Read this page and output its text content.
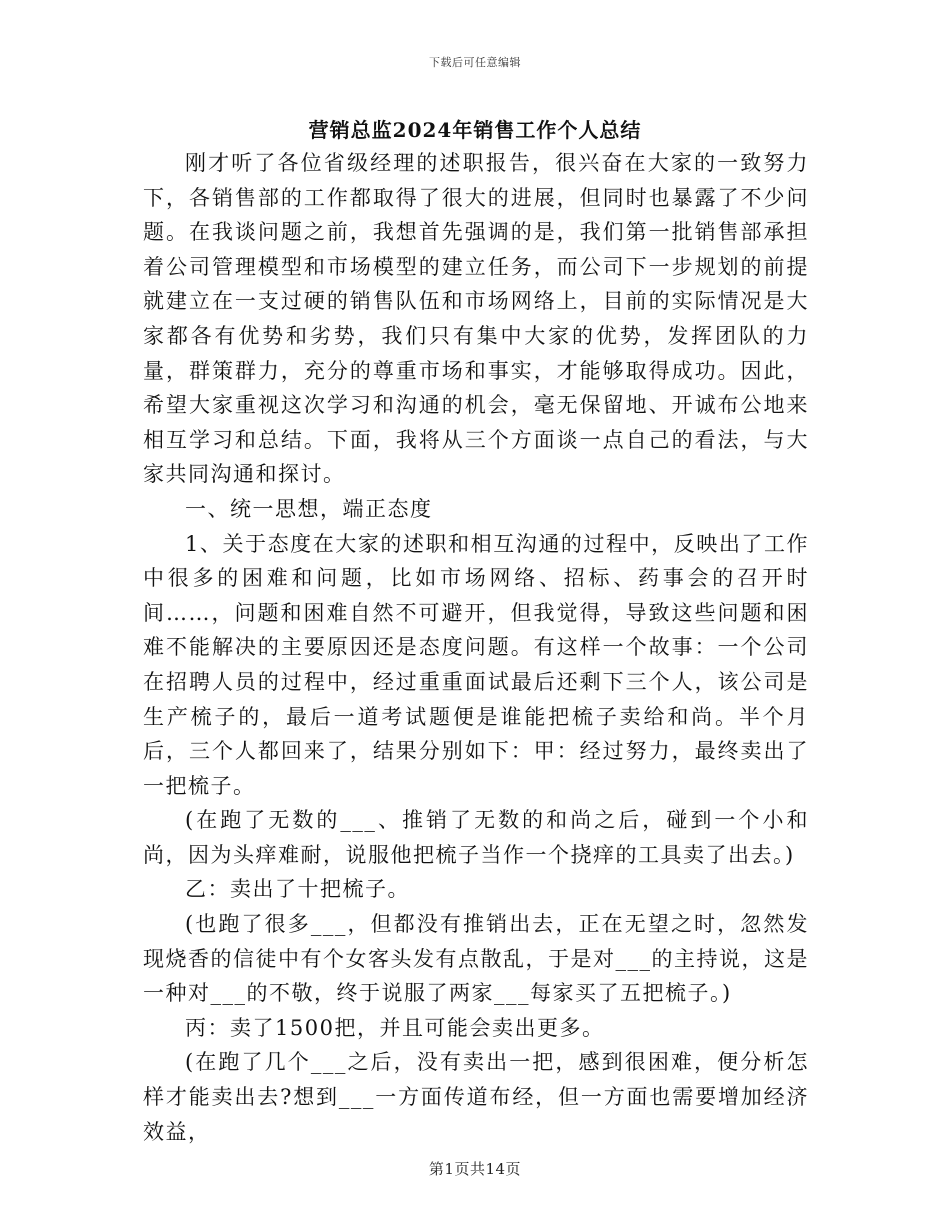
下载后可任意编辑
营销总监2024年销售工作个人总结

刚才听了各位省级经理的述职报告，很兴奋在大家的一致努力下，各销售部的工作都取得了很大的进展，但同时也暴露了不少问题。在我谈问题之前，我想首先强调的是，我们第一批销售部承担着公司管理模型和市场模型的建立任务，而公司下一步规划的前提就建立在一支过硬的销售队伍和市场网络上，目前的实际情况是大家都各有优势和劣势，我们只有集中大家的优势，发挥团队的力量，群策群力，充分的尊重市场和事实，才能够取得成功。因此，希望大家重视这次学习和沟通的机会，毫无保留地、开诚布公地来相互学习和总结。下面，我将从三个方面谈一点自己的看法，与大家共同沟通和探讨。

一、统一思想，端正态度

1、关于态度在大家的述职和相互沟通的过程中，反映出了工作中很多的困难和问题，比如市场网络、招标、药事会的召开时间……，问题和困难自然不可避开，但我觉得，导致这些问题和困难不能解决的主要原因还是态度问题。有这样一个故事：一个公司在招聘人员的过程中，经过重重面试最后还剩下三个人，该公司是生产梳子的，最后一道考试题便是谁能把梳子卖给和尚。半个月后，三个人都回来了，结果分别如下：甲：经过努力，最终卖出了一把梳子。

(在跑了无数的___、推销了无数的和尚之后，碰到一个小和尚，因为头痒难耐，说服他把梳子当作一个挠痒的工具卖了出去。)

乙：卖出了十把梳子。

(也跑了很多___，但都没有推销出去，正在无望之时，忽然发现烧香的信徒中有个女客头发有点散乱，于是对___的主持说，这是一种对___的不敬，终于说服了两家___每家买了五把梳子。)

丙：卖了1500把，并且可能会卖出更多。

(在跑了几个___之后，没有卖出一把，感到很困难，便分析怎样才能卖出去?想到___一方面传道布经，但一方面也需要增加经济效益，

第1页共14页
